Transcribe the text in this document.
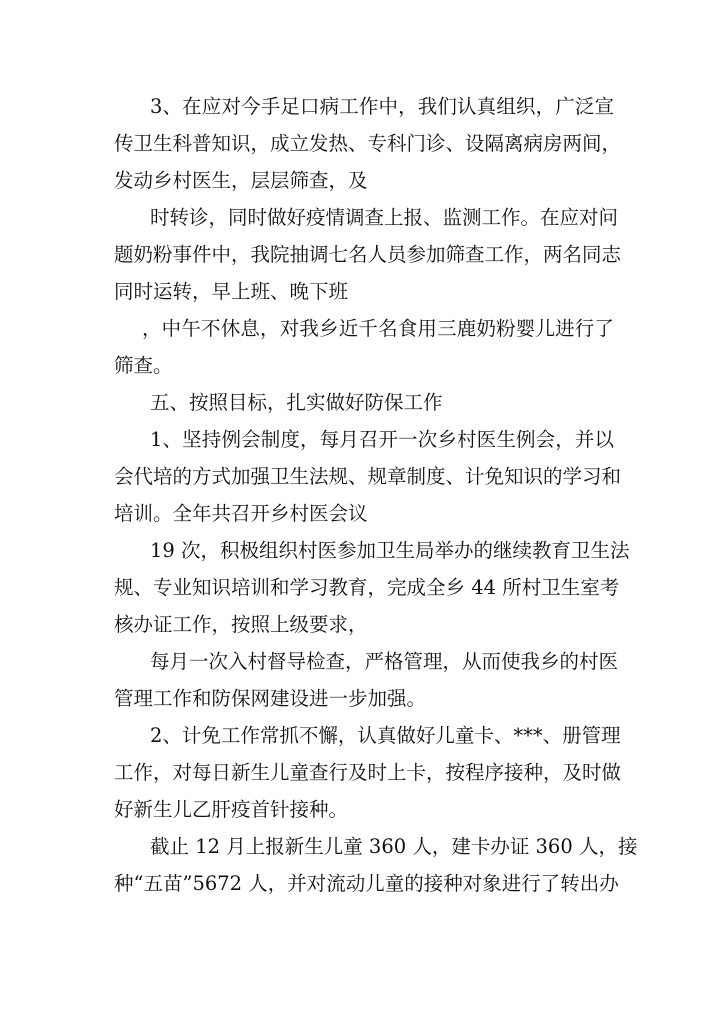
3、在应对今手足口病工作中，我们认真组织，广泛宣
传卫生科普知识，成立发热、专科门诊、设隔离病房两间，
发动乡村医生，层层筛查，及
时转诊，同时做好疫情调查上报、监测工作。在应对问
题奶粉事件中，我院抽调七名人员参加筛查工作，两名同志
同时运转，早上班、晚下班
，中午不休息，对我乡近千名食用三鹿奶粉婴儿进行了
筛查。
五、按照目标，扎实做好防保工作
1、坚持例会制度，每月召开一次乡村医生例会，并以
会代培的方式加强卫生法规、规章制度、计免知识的学习和
培训。全年共召开乡村医会议
19 次，积极组织村医参加卫生局举办的继续教育卫生法
规、专业知识培训和学习教育，完成全乡 44 所村卫生室考
核办证工作，按照上级要求，
每月一次入村督导检查，严格管理，从而使我乡的村医
管理工作和防保网建设进一步加强。
2、计免工作常抓不懈，认真做好儿童卡、***、册管理
工作，对每日新生儿童查行及时上卡，按程序接种，及时做
好新生儿乙肝疫首针接种。
截止 12 月上报新生儿童 360 人，建卡办证 360 人，接
种“五苗”5672 人，并对流动儿童的接种对象进行了转出办
